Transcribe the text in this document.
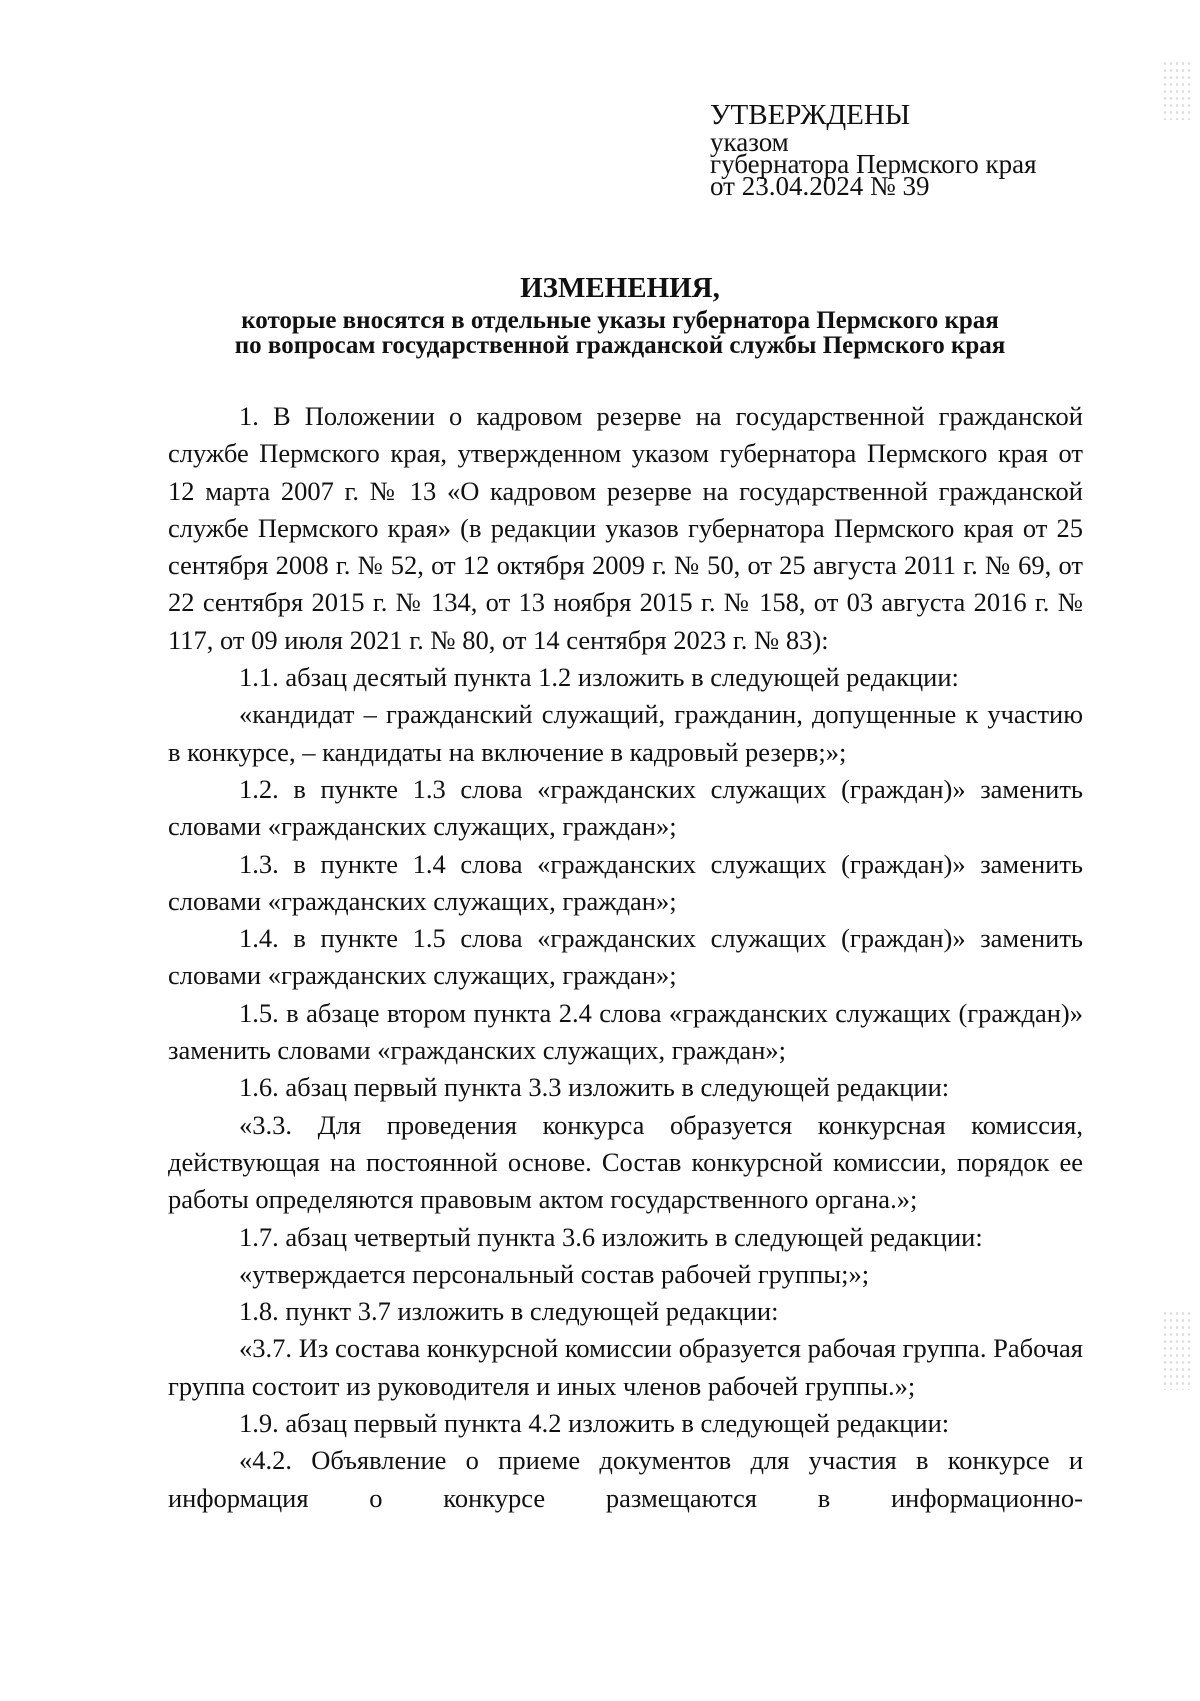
УТВЕРЖДЕНЫ
указом
губернатора Пермского края
от 23.04.2024 № 39
ИЗМЕНЕНИЯ,
которые вносятся в отдельные указы губернатора Пермского края
по вопросам государственной гражданской службы Пермского края

1. В Положении о кадровом резерве на государственной гражданской службе Пермского края, утвержденном указом губернатора Пермского края от 12 марта 2007 г. № 13 «О кадровом резерве на государственной гражданской службе Пермского края» (в редакции указов губернатора Пермского края от 25 сентября 2008 г. № 52, от 12 октября 2009 г. № 50, от 25 августа 2011 г. № 69, от 22 сентября 2015 г. № 134, от 13 ноября 2015 г. № 158, от 03 августа 2016 г. № 117, от 09 июля 2021 г. № 80, от 14 сентября 2023 г. № 83):

1.1. абзац десятый пункта 1.2 изложить в следующей редакции:

«кандидат – гражданский служащий, гражданин, допущенные к участию в конкурсе, – кандидаты на включение в кадровый резерв;»;

1.2. в пункте 1.3 слова «гражданских служащих (граждан)» заменить словами «гражданских служащих, граждан»;

1.3. в пункте 1.4 слова «гражданских служащих (граждан)» заменить словами «гражданских служащих, граждан»;

1.4. в пункте 1.5 слова «гражданских служащих (граждан)» заменить словами «гражданских служащих, граждан»;

1.5. в абзаце втором пункта 2.4 слова «гражданских служащих (граждан)» заменить словами «гражданских служащих, граждан»;

1.6. абзац первый пункта 3.3 изложить в следующей редакции:

«3.3. Для проведения конкурса образуется конкурсная комиссия, действующая на постоянной основе. Состав конкурсной комиссии, порядок ее работы определяются правовым актом государственного органа.»;

1.7. абзац четвертый пункта 3.6 изложить в следующей редакции:

«утверждается персональный состав рабочей группы;»;

1.8. пункт 3.7 изложить в следующей редакции:

«3.7. Из состава конкурсной комиссии образуется рабочая группа. Рабочая группа состоит из руководителя и иных членов рабочей группы.»;

1.9. абзац первый пункта 4.2 изложить в следующей редакции:

«4.2. Объявление о приеме документов для участия в конкурсе и информация о конкурсе размещаются в информационно-
